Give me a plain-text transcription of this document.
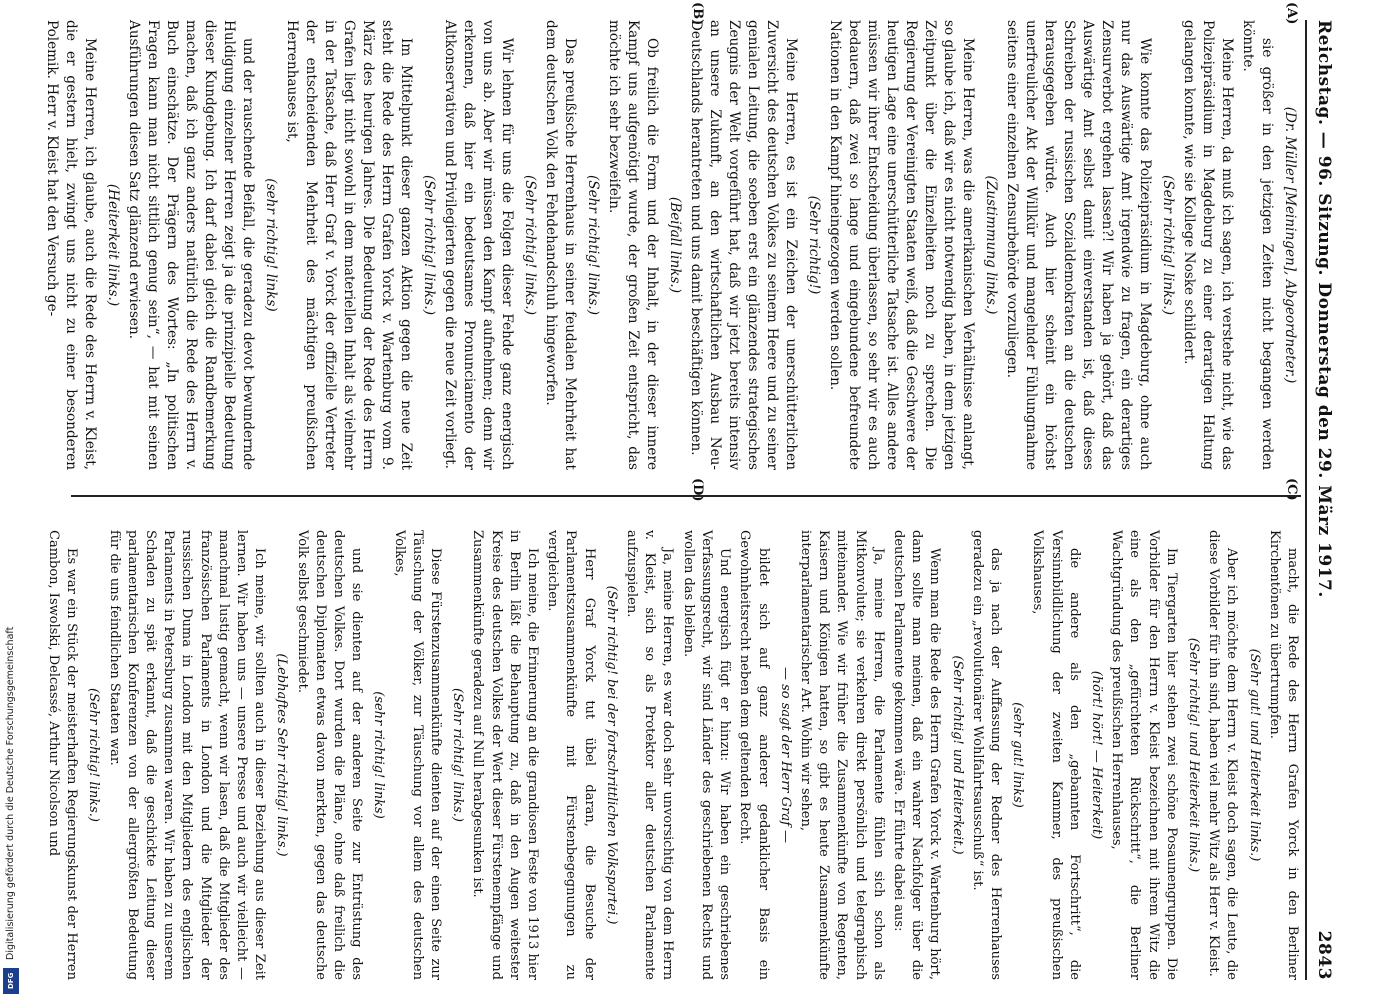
Digitalisierung gefördert durch die Deutsche Forschungsgemeinschaft
DFG
Reichstag. — 96. Sitzung. Donnerstag den 29. März 1917.
2843
(A)
(B)
(C)
(D)

(Dr. Müller [Meiningen], Abgeordneter.)

sie größer in den jetzigen Zeiten nicht begangen werden könnte.

Meine Herren, da muß ich sagen, ich verstehe nicht, wie das Polizeipräsidium in Magdeburg zu einer derartigen Haltung gelangen konnte, wie sie Kollege Noske schildert.

(Sehr richtig! links.)

Wie konnte das Polizeipräsidium in Magdeburg, ohne auch nur das Auswärtige Amt irgendwie zu fragen, ein derartiges Zensurverbot ergehen lassen?! Wir haben ja gehört, daß das Auswärtige Amt selbst damit einverstanden ist, daß dieses Schreiben der russischen Sozialdemokraten an die deutschen herausgegeben würde. Auch hier scheint ein höchst unerfreulicher Akt der Willkür und mangelnder Fühlungnahme seitens einer einzelnen Zensurbehörde vorzuliegen.

(Zustimmung links.)

Meine Herren, was die amerikanischen Verhältnisse anlangt, so glaube ich, daß wir es nicht notwendig haben, in dem jetzigen Zeitpunkt über die Einzelheiten noch zu sprechen. Die Regierung der Vereinigten Staaten weiß, daß die Geschwere der heutigen Lage eine unerschütterliche Tatsache ist. Alles andere müssen wir ihrer Entscheidung überlassen, so sehr wir es auch bedauern, daß zwei so lange und eingebundene befreundete Nationen in den Kampf hineingezogen werden sollen.

(Sehr richtig!)

Meine Herren, es ist ein Zeichen der unerschütterlichen Zuversicht des deutschen Volkes zu seinem Heere und zu seiner genialen Leitung, die soeben erst ein glänzendes strategisches Zeugnis der Welt vorgeführt hat, daß wir jetzt bereits intensiv an unsere Zukunft, an den wirtschaftlichen Ausbau Neu-Deutschlands herantreten und uns damit beschäftigen können.

(Beifall links.)

Ob freilich die Form und der Inhalt, in der dieser innere Kampf uns aufgenötigt wurde, der großen Zeit entspricht, das möchte ich sehr bezweifeln.

(Sehr richtig! links.)

Das preußische Herrenhaus in seiner feudalen Mehrheit hat dem deutschen Volk den Fehdehandschuh hingeworfen.

(Sehr richtig! links.)

Wir lehnen für uns die Folgen dieser Fehde ganz energisch von uns ab. Aber wir müssen den Kampf aufnehmen; denn wir erkennen, daß hier ein bedeutsames Pronunciamento der Altkonservativen und Privilegierten gegen die neue Zeit vorliegt.

(Sehr richtig! links.)

Im Mittelpunkt dieser ganzen Aktion gegen die neue Zeit steht die Rede des Herrn Grafen Yorck v. Wartenburg vom 9. März des heurigen Jahres. Die Bedeutung der Rede des Herrn Grafen liegt nicht sowohl in dem materiellen Inhalt als vielmehr in der Tatsache, daß Herr Graf v. Yorck der offizielle Vertreter der entscheidenden Mehrheit des mächtigen preußischen Herrenhauses ist,

(sehr richtig! links)

und der rauschende Beifall, die geradezu devot bewundernde Huldigung einzelner Herren zeigt ja die prinzipielle Bedeutung dieser Kundgebung. Ich darf dabei gleich die Randbemerkung machen, daß ich ganz anders natürlich die Rede des Herrn v. Buch einschätze. Der Prägern des Wortes: „In politischen Fragen kann man nicht sittlich genug sein“, — hat mit seinen Ausführungen diesen Satz glänzend erwiesen.

(Heiterkeit links.)

Meine Herren, ich glaube, auch die Rede des Herrn v. Kleist, die er gestern hielt, zwingt uns nicht zu einer besonderen Polemik. Herr v. Kleist hat den Versuch ge-

macht, die Rede des Herrn Grafen Yorck in den Berliner Kirchentönen zu übertrumpfen.

(Sehr gut! und Heiterkeit links.)

Aber ich möchte dem Herrn v. Kleist doch sagen, die Leute, die diese Vorbilder für ihn sind, haben viel mehr Witz als Herr v. Kleist.

(Sehr richtig! und Heiterkeit links.)

Im Tiergarten hier stehen zwei schöne Posaunengruppen. Die Vorbilder für den Herrn v. Kleist bezeichnen mit ihrem Witz die eine als den „gefürchteten Rückschritt“, die Berliner Wachtgründung des preußischen Herrenhauses,

(hört! hört! — Heiterkeit)

die andere als den „gebannten Fortschritt“, die Versinnbildlichung der zweiten Kammer, des preußischen Volkshauses,

(sehr gut! links)

das ja nach der Auffassung der Redner des Herrenhauses geradezu ein „revolutionärer Wohlfahrtsausschuß“ ist.

(Sehr richtig! und Heiterkeit.)

Wenn man die Rede des Herrn Grafen Yorck v. Wartenburg hört, dann sollte man meinen, daß ein wahrer Nachfolger über die deutschen Parlamente gekommen wäre. Er führte dabei aus:

Ja, meine Herren, die Parlamente fühlen sich schon als Mitkonvolute; sie verkehren direkt persönlich und telegraphisch miteinander. Wie wir früher die Zusammenkünfte von Regenten, Kaisern und Königen hatten, so gibt es heute Zusammenkünfte interparlamentarischer Art. Wohin wir sehen,

— so sagt der Herr Graf —

bildet sich auf ganz anderer gedanklicher Basis ein Gewohnheitsrecht neben dem geltenden Recht.

Und energisch fügt er hinzu: Wir haben ein geschriebenes Verfassungsrecht, wir sind Länder des geschriebenen Rechts und wollen das bleiben.

Ja, meine Herren, es war doch sehr unvorsichtig von dem Herrn v. Kleist, sich so als Protektor aller deutschen Parlamente aufzuspielen.

(Sehr richtig! bei der fortschrittlichen Volkspartei.)

Herr Graf Yorck tut übel daran, die Besuche der Parlamentszusammenkünfte mit Fürstenbegegnungen zu vergleichen.

Ich meine, die Erinnerung an die grandiosen Feste von 1913 hier in Berlin läßt die Behauptung zu, daß in den Augen weitester Kreise des deutschen Volkes der Wert dieser Fürstenempfänge und Zusammenkünfte geradezu auf Null herabgesunken ist.

(Sehr richtig! links.)

Diese Fürstenzusammenkünfte dienten auf der einen Seite zur Täuschung der Völker, zur Täuschung vor allem des deutschen Volkes,

(sehr richtig! links)

und sie dienten auf der anderen Seite zur Entrüstung des deutschen Volkes. Dort wurden die Pläne, ohne daß freilich die deutschen Diplomaten etwas davon merkten, gegen das deutsche Volk selbst geschmiedet.

(Lebhaftes Sehr richtig! links.)

Ich meine, wir sollten auch in dieser Beziehung aus dieser Zeit lernen. Wir haben uns — unsere Presse und auch wir vielleicht — manchmal lustig gemacht, wenn wir lasen, daß die Mitglieder des französischen Parlaments in London und die Mitglieder der russischen Duma in London mit den Mitgliedern des englischen Parlaments in Petersburg zusammen waren. Wir haben zu unserem Schaden zu spät erkannt, daß die geschickte Leitung dieser parlamentarischen Konferenzen von der allergrößten Bedeutung für die uns feindlichen Staaten war.

(Sehr richtig! links.)

Es war ein Stück der meisterhaften Regierungskunst der Herren Cambon, Iswolski, Delcassé, Arthur Nicolson und
